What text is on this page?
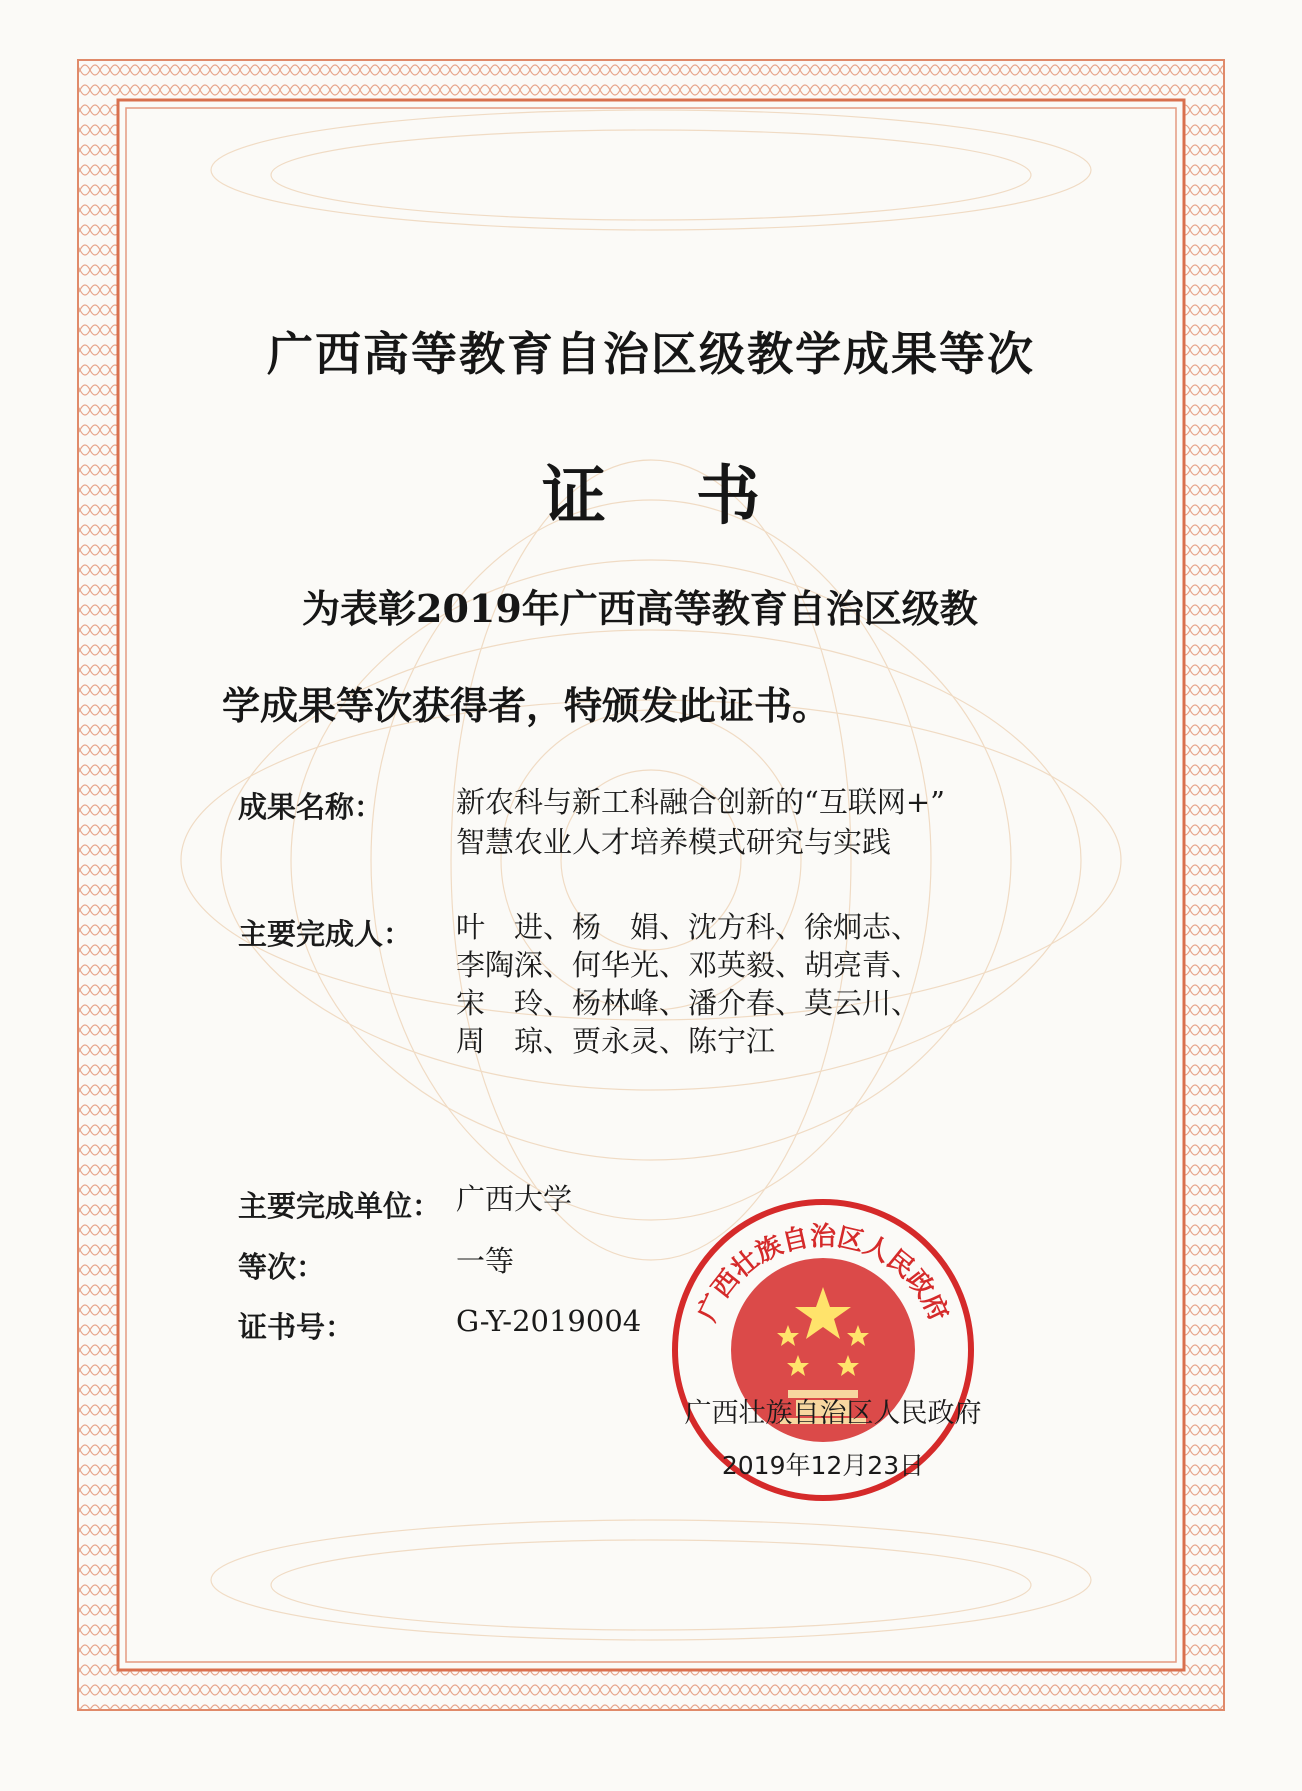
广西高等教育自治区级教学成果等次
证书
为表彰2019年广西高等教育自治区级教
学成果等次获得者，特颁发此证书。
成果名称：	新农科与新工科融合创新的“互联网+”
智慧农业人才培养模式研究与实践
主要完成人：	叶　进、杨　娟、沈方科、徐炯志、
李陶深、何华光、邓英毅、胡亮青、
宋　玲、杨林峰、潘介春、莫云川、
周　琼、贾永灵、陈宁江
主要完成单位： 广西大学
等次：	一等
证书号：	G-Y-2019004	广西壮族自治区人民政府
广西壮族自治区人民政府
2019年12月23日
